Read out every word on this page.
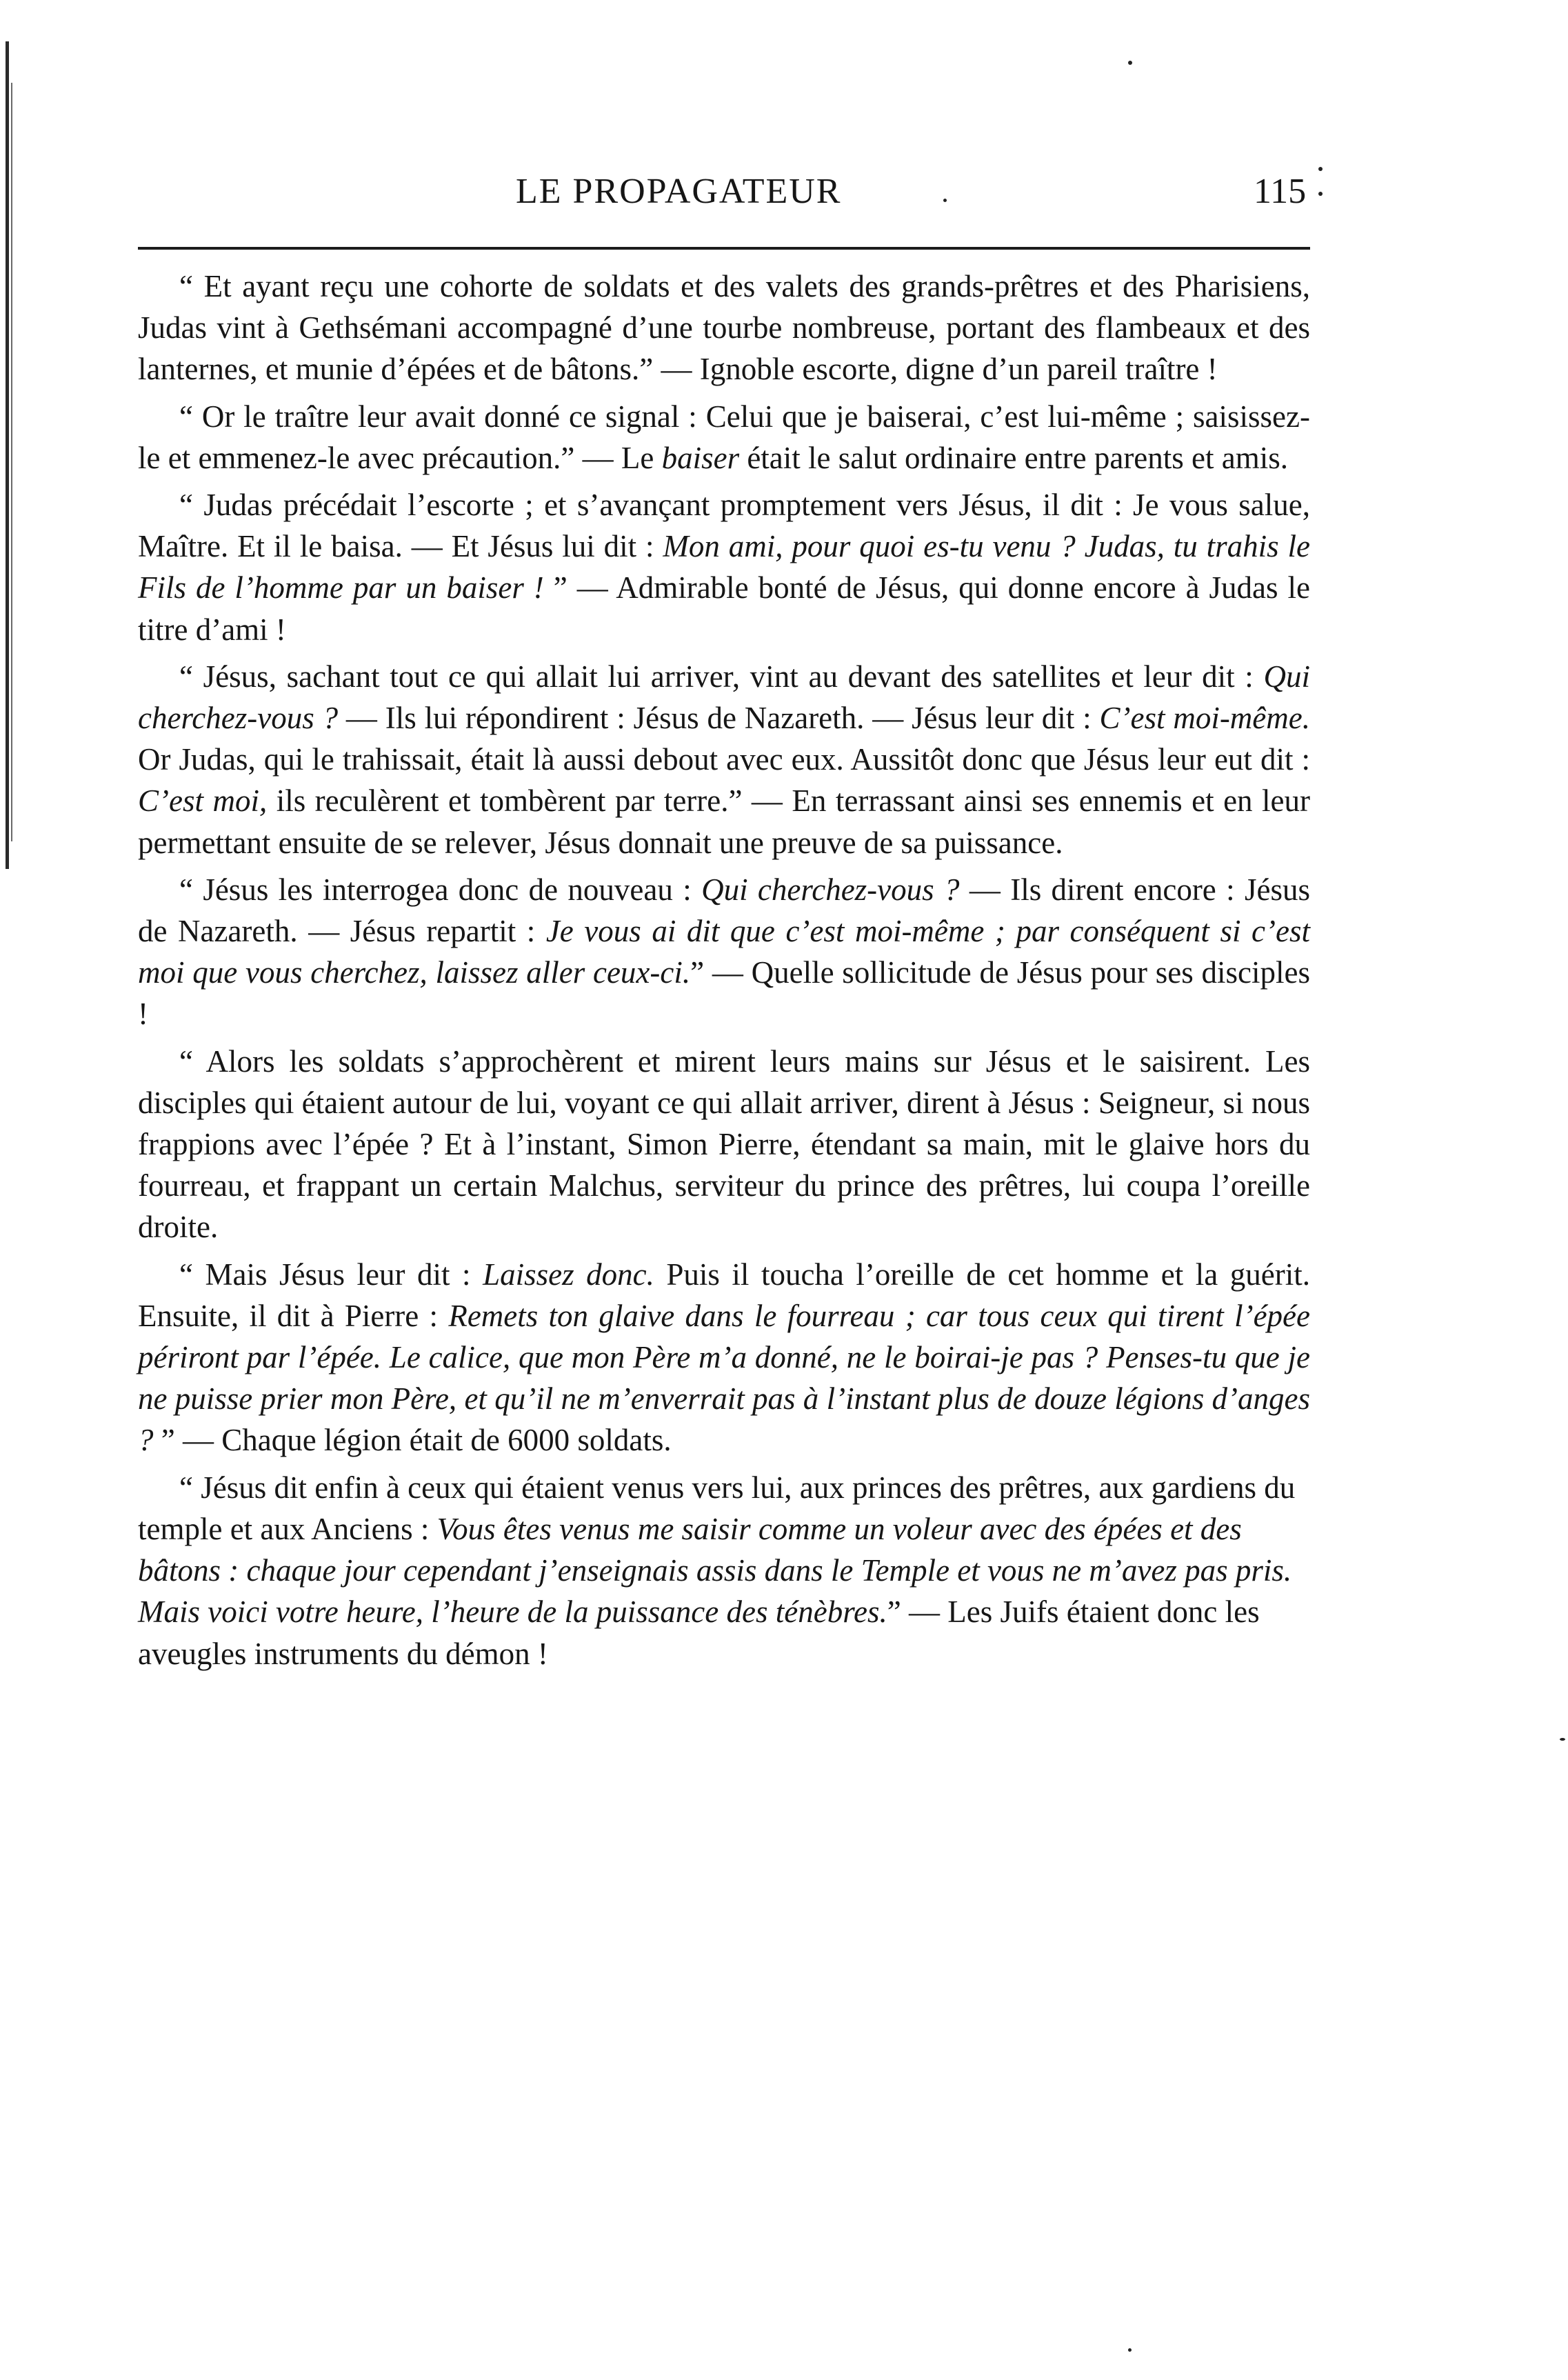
LE PROPAGATEUR	115

“ Et ayant reçu une cohorte de soldats et des valets des grands-prêtres et des Pharisiens, Judas vint à Gethsémani accompagné d’une tourbe nombreuse, portant des flambeaux et des lanternes, et munie d’épées et de bâtons.” — Ignoble escorte, digne d’un pareil traître !

“ Or le traître leur avait donné ce signal : Celui que je baiserai, c’est lui-même ; saisissez-le et emmenez-le avec précaution.” — Le baiser était le salut ordinaire entre parents et amis.

“ Judas précédait l’escorte ; et s’avançant promptement vers Jésus, il dit : Je vous salue, Maître. Et il le baisa. — Et Jésus lui dit : Mon ami, pour quoi es-tu venu ? Judas, tu trahis le Fils de l’homme par un baiser ! ” — Admirable bonté de Jésus, qui donne encore à Judas le titre d’ami !

“ Jésus, sachant tout ce qui allait lui arriver, vint au devant des satellites et leur dit : Qui cherchez-vous ? — Ils lui répondirent : Jésus de Nazareth. — Jésus leur dit : C’est moi-même. Or Judas, qui le trahissait, était là aussi debout avec eux. Aussitôt donc que Jésus leur eut dit : C’est moi, ils reculèrent et tombèrent par terre.” — En terrassant ainsi ses ennemis et en leur permettant ensuite de se relever, Jésus donnait une preuve de sa puissance.

“ Jésus les interrogea donc de nouveau : Qui cherchez-vous ? — Ils dirent encore : Jésus de Nazareth. — Jésus repartit : Je vous ai dit que c’est moi-même ; par conséquent si c’est moi que vous cherchez, laissez aller ceux-ci.” — Quelle sollicitude de Jésus pour ses disciples !

“ Alors les soldats s’approchèrent et mirent leurs mains sur Jésus et le saisirent. Les disciples qui étaient autour de lui, voyant ce qui allait arriver, dirent à Jésus : Seigneur, si nous frappions avec l’épée ? Et à l’instant, Simon Pierre, étendant sa main, mit le glaive hors du fourreau, et frappant un certain Malchus, serviteur du prince des prêtres, lui coupa l’oreille droite.

“ Mais Jésus leur dit : Laissez donc. Puis il toucha l’oreille de cet homme et la guérit. Ensuite, il dit à Pierre : Remets ton glaive dans le fourreau ; car tous ceux qui tirent l’épée périront par l’épée. Le calice, que mon Père m’a donné, ne le boirai-je pas ? Penses-tu que je ne puisse prier mon Père, et qu’il ne m’enverrait pas à l’instant plus de douze légions d’anges ? ” — Chaque légion était de 6000 soldats.

“ Jésus dit enfin à ceux qui étaient venus vers lui, aux princes des prêtres, aux gardiens du temple et aux Anciens : Vous êtes venus me saisir comme un voleur avec des épées et des bâtons : chaque jour cependant j’enseignais assis dans le Temple et vous ne m’avez pas pris. Mais voici votre heure, l’heure de la puissance des ténèbres.” — Les Juifs étaient donc les aveugles instruments du démon !
